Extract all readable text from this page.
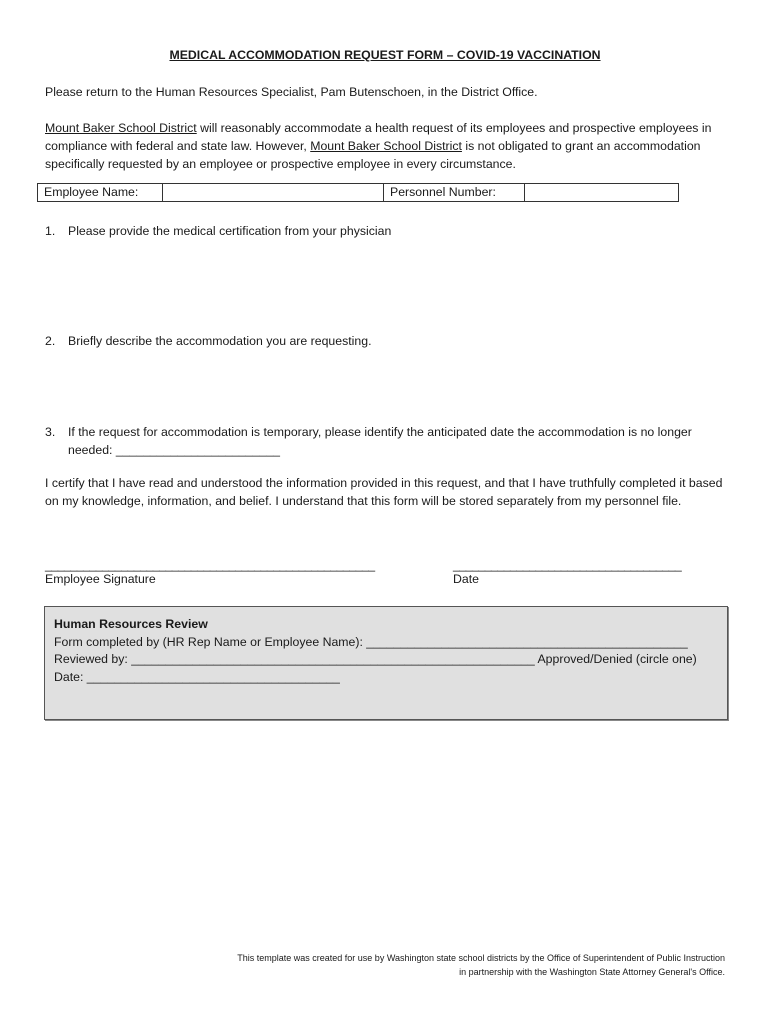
MEDICAL ACCOMMODATION REQUEST FORM – COVID-19 VACCINATION
Please return to the Human Resources Specialist, Pam Butenschoen, in the District Office.
Mount Baker School District will reasonably accommodate a health request of its employees and prospective employees in compliance with federal and state law. However, Mount Baker School District is not obligated to grant an accommodation specifically requested by an employee or prospective employee in every circumstance.
Employee Name:		Personnel Number:	
1. Please provide the medical certification from your physician
2. Briefly describe the accommodation you are requesting.
3. If the request for accommodation is temporary, please identify the anticipated date the accommodation is no longer
needed: ________________________
I certify that I have read and understood the information provided in this request, and that I have truthfully completed it based on my knowledge, information, and belief. I understand that this form will be stored separately from my personnel file.
____________________________________________________
Employee Signature
____________________________________
Date
Human Resources Review
Form completed by (HR Rep Name or Employee Name): _______________________________________________
Reviewed by: ___________________________________________________________ Approved/Denied (circle one)
Date: _____________________________________
This template was created for use by Washington state school districts by the Office of Superintendent of Public Instruction
in partnership with the Washington State Attorney General's Office.
